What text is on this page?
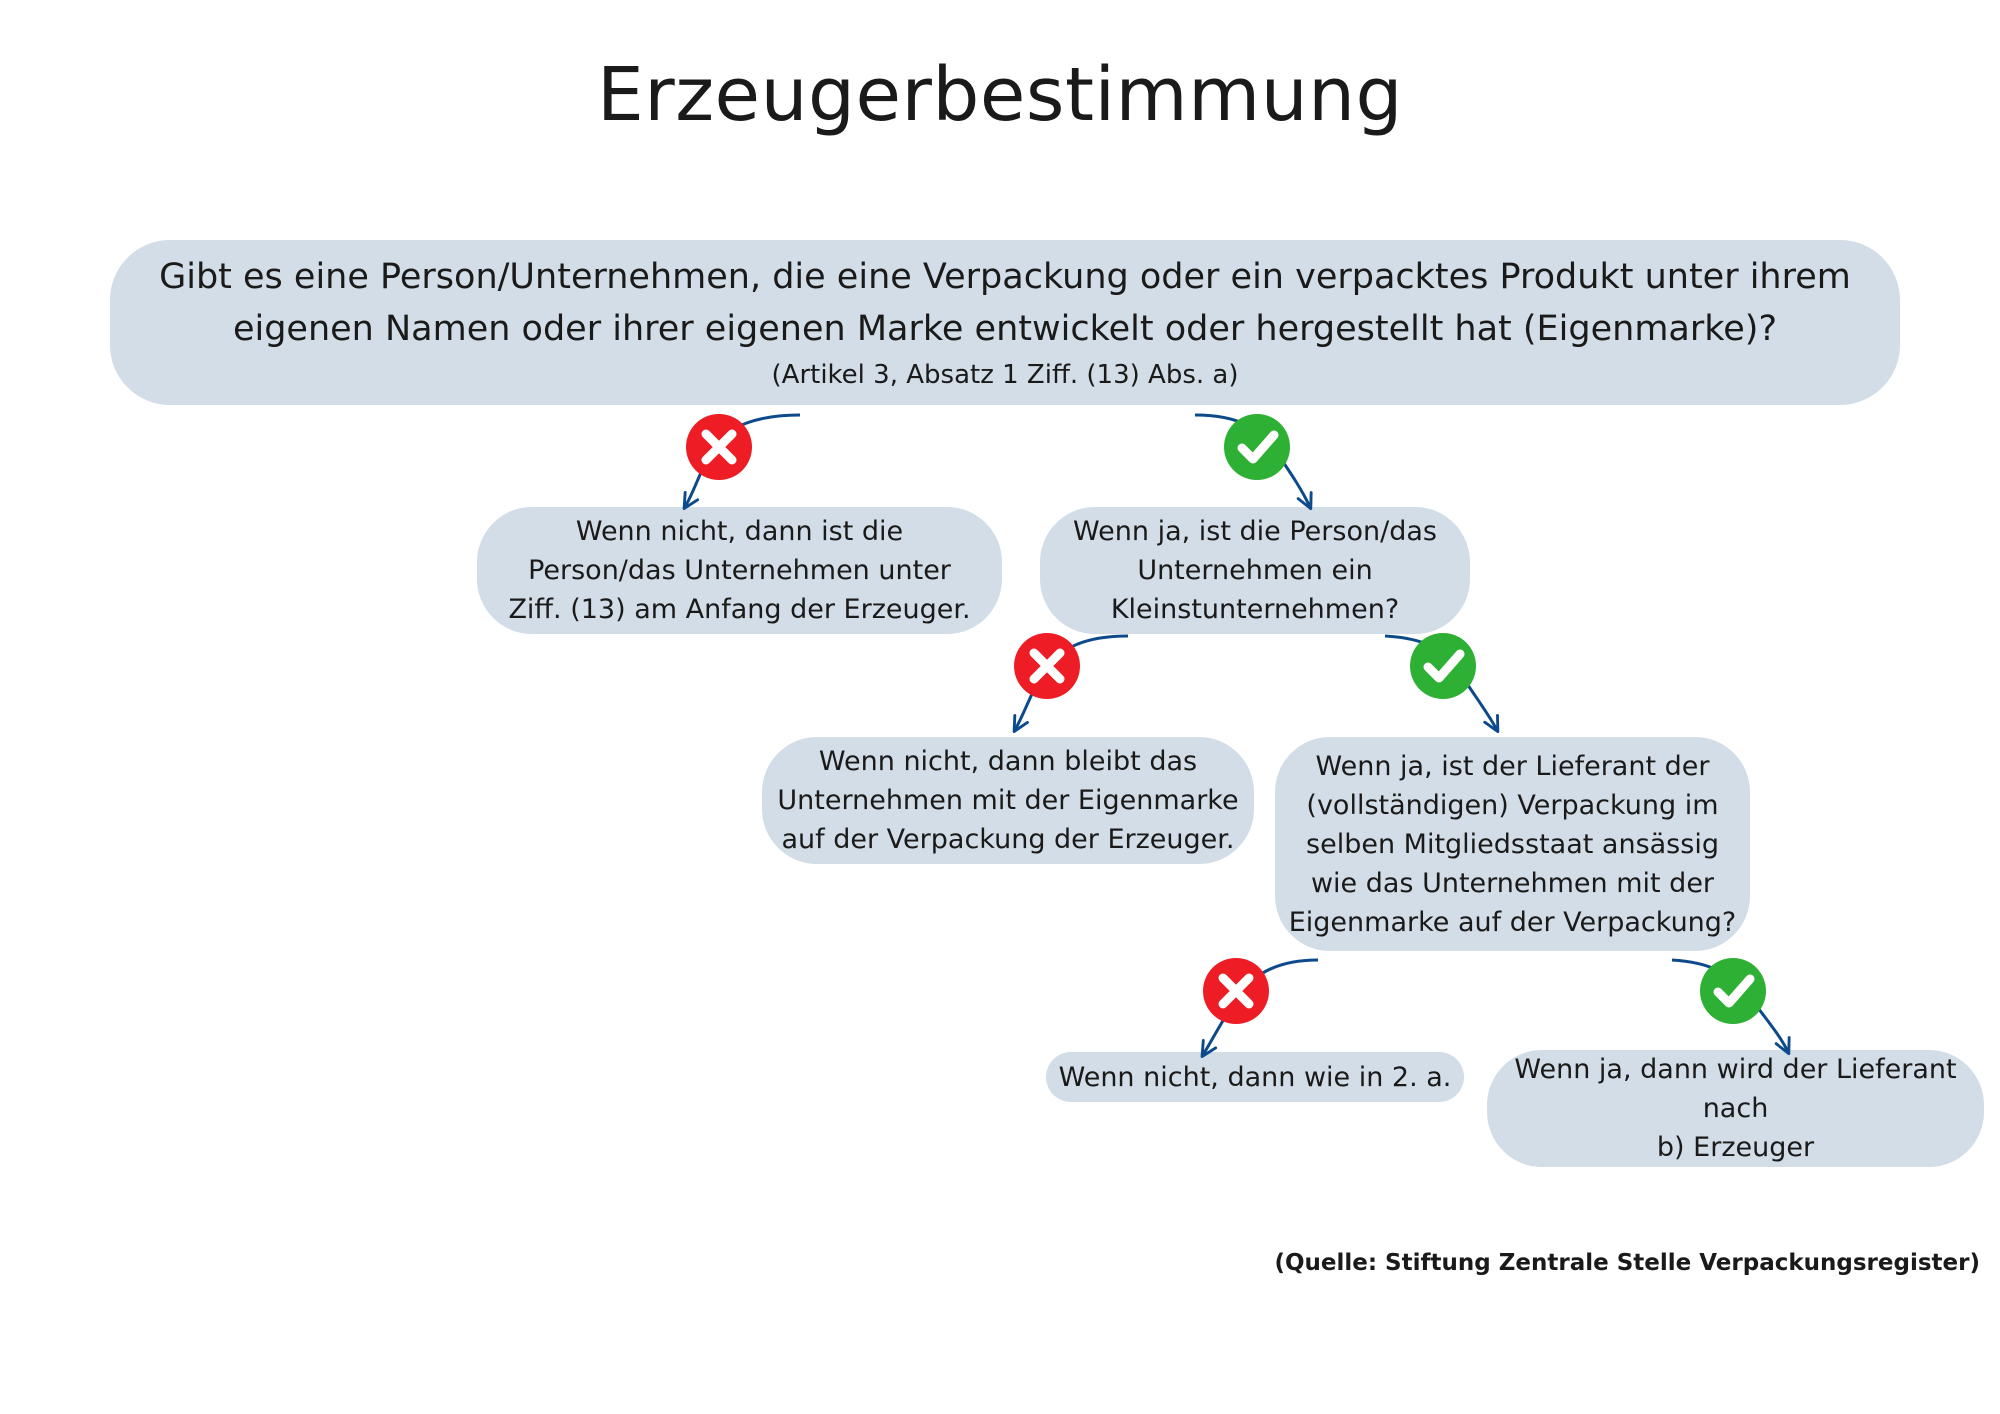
Erzeugerbestimmung
Gibt es eine Person/Unternehmen, die eine Verpackung oder ein verpacktes Produkt unter ihrem
eigenen Namen oder ihrer eigenen Marke entwickelt oder hergestellt hat (Eigenmarke)?
(Artikel 3, Absatz 1 Ziff. (13) Abs. a)
Wenn nicht, dann ist die
Person/das Unternehmen unter
Ziff. (13) am Anfang der Erzeuger.
Wenn ja, ist die Person/das
Unternehmen ein
Kleinstunternehmen?
Wenn nicht, dann bleibt das
Unternehmen mit der Eigenmarke
auf der Verpackung der Erzeuger.
Wenn ja, ist der Lieferant der
(vollständigen) Verpackung im
selben Mitgliedsstaat ansässig
wie das Unternehmen mit der
Eigenmarke auf der Verpackung?
Wenn nicht, dann wie in 2. a. Wenn ja, dann wird der Lieferant
nach
b) Erzeuger
(Quelle: Stiftung Zentrale Stelle Verpackungsregister)
